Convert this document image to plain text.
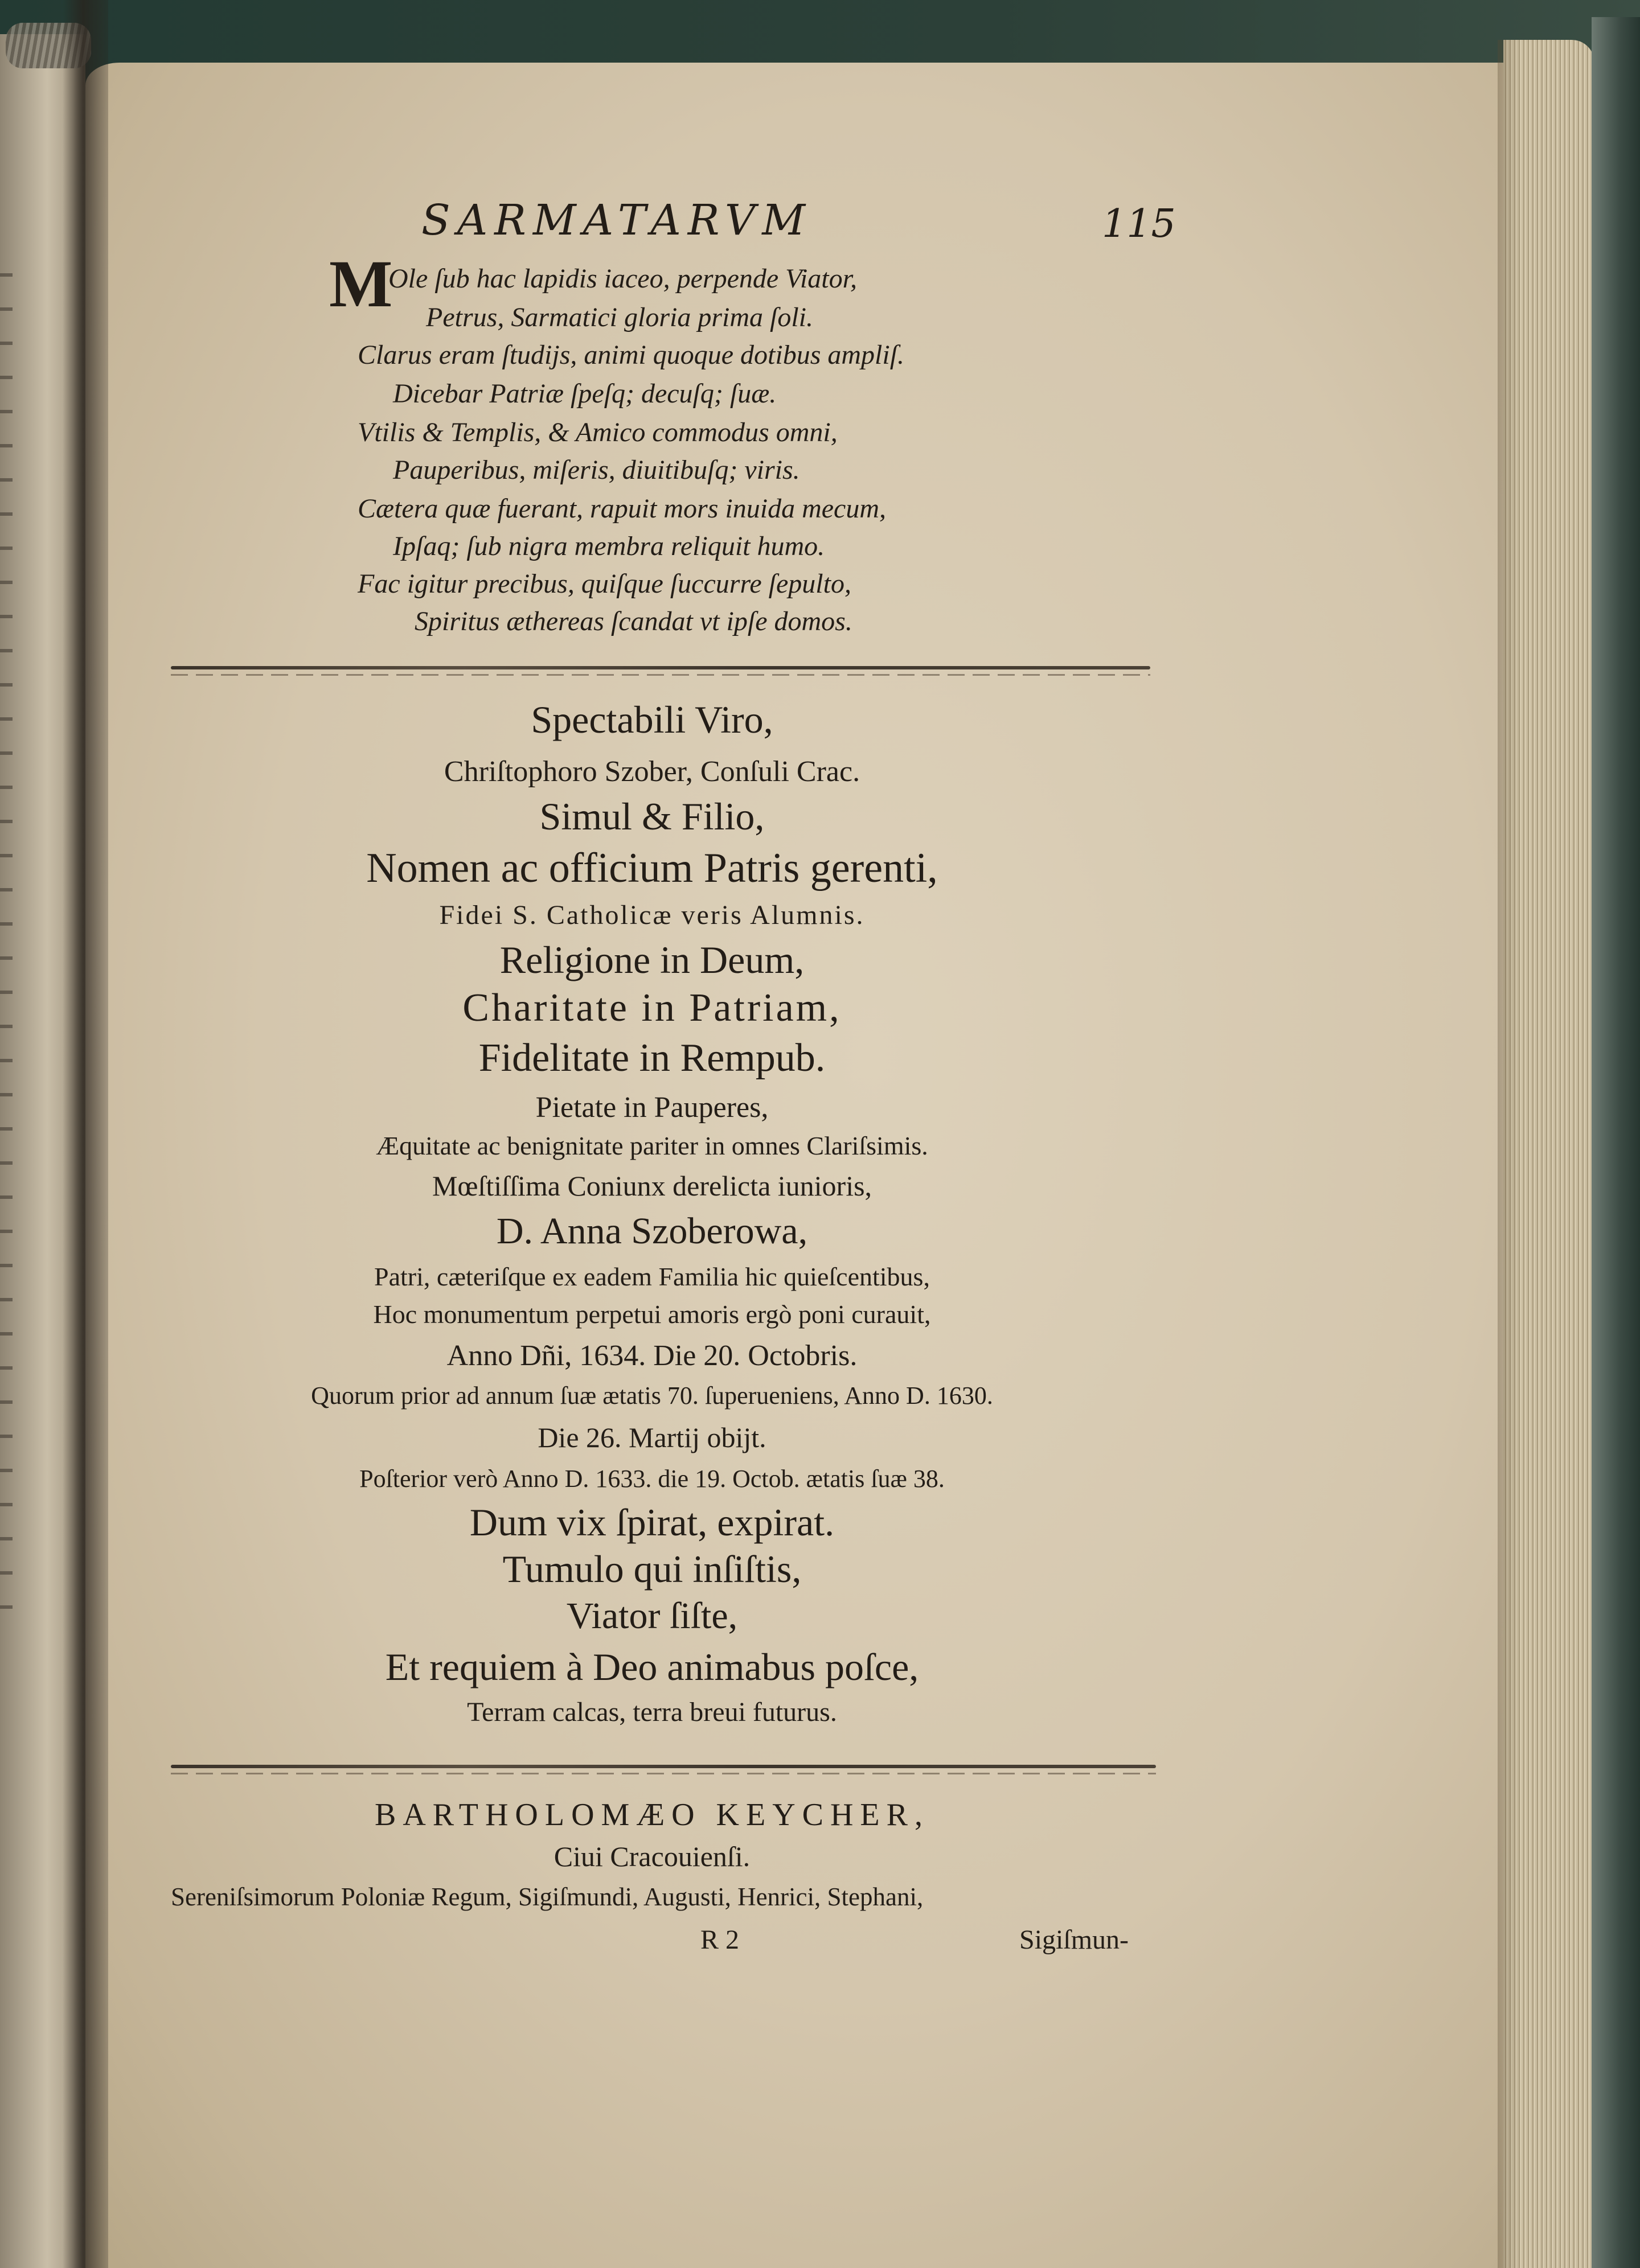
SARMATARVM	115
M
Ole ſub hac lapidis iaceo, perpende Viator,
Petrus, Sarmatici gloria prima ſoli.
Clarus eram ſtudijs, animi quoque dotibus ampliſ.
Dicebar Patriæ ſpeſq; decuſq; ſuæ.
Vtilis & Templis, & Amico commodus omni,
Pauperibus, miſeris, diuitibuſq; viris.
Cætera quæ fuerant, rapuit mors inuida mecum,
Ipſaq; ſub nigra membra reliquit humo.
Fac igitur precibus, quiſque ſuccurre ſepulto,
Spiritus æthereas ſcandat vt ipſe domos.
Spectabili Viro,
Chriſtophoro Szober, Conſuli Crac.
Simul & Filio,
Nomen ac officium Patris gerenti,
Fidei S. Catholicæ veris Alumnis.
Religione in Deum,
Charitate in Patriam,
Fidelitate in Rempub.
Pietate in Pauperes,
Æquitate ac benignitate pariter in omnes Clariſsimis.
Mœſtiſſima Coniunx derelicta iunioris,
D. Anna Szoberowa,
Patri, cæteriſque ex eadem Familia hic quieſcentibus,
Hoc monumentum perpetui amoris ergò poni curauit,
Anno Dñi, 1634. Die 20. Octobris.
Quorum prior ad annum ſuæ ætatis 70. ſuperueniens, Anno D. 1630.
Die 26. Martij obijt.
Poſterior verò Anno D. 1633. die 19. Octob. ætatis ſuæ 38.
Dum vix ſpirat, expirat.
Tumulo qui inſiſtis,
Viator ſiſte,
Et requiem à Deo animabus poſce,
Terram calcas, terra breui futurus.
BARTHOLOMÆO KEYCHER,
Ciui Cracouienſi.
Sereniſsimorum Poloniæ Regum, Sigiſmundi, Augusti, Henrici, Stephani,
R 2	Sigiſmun-
